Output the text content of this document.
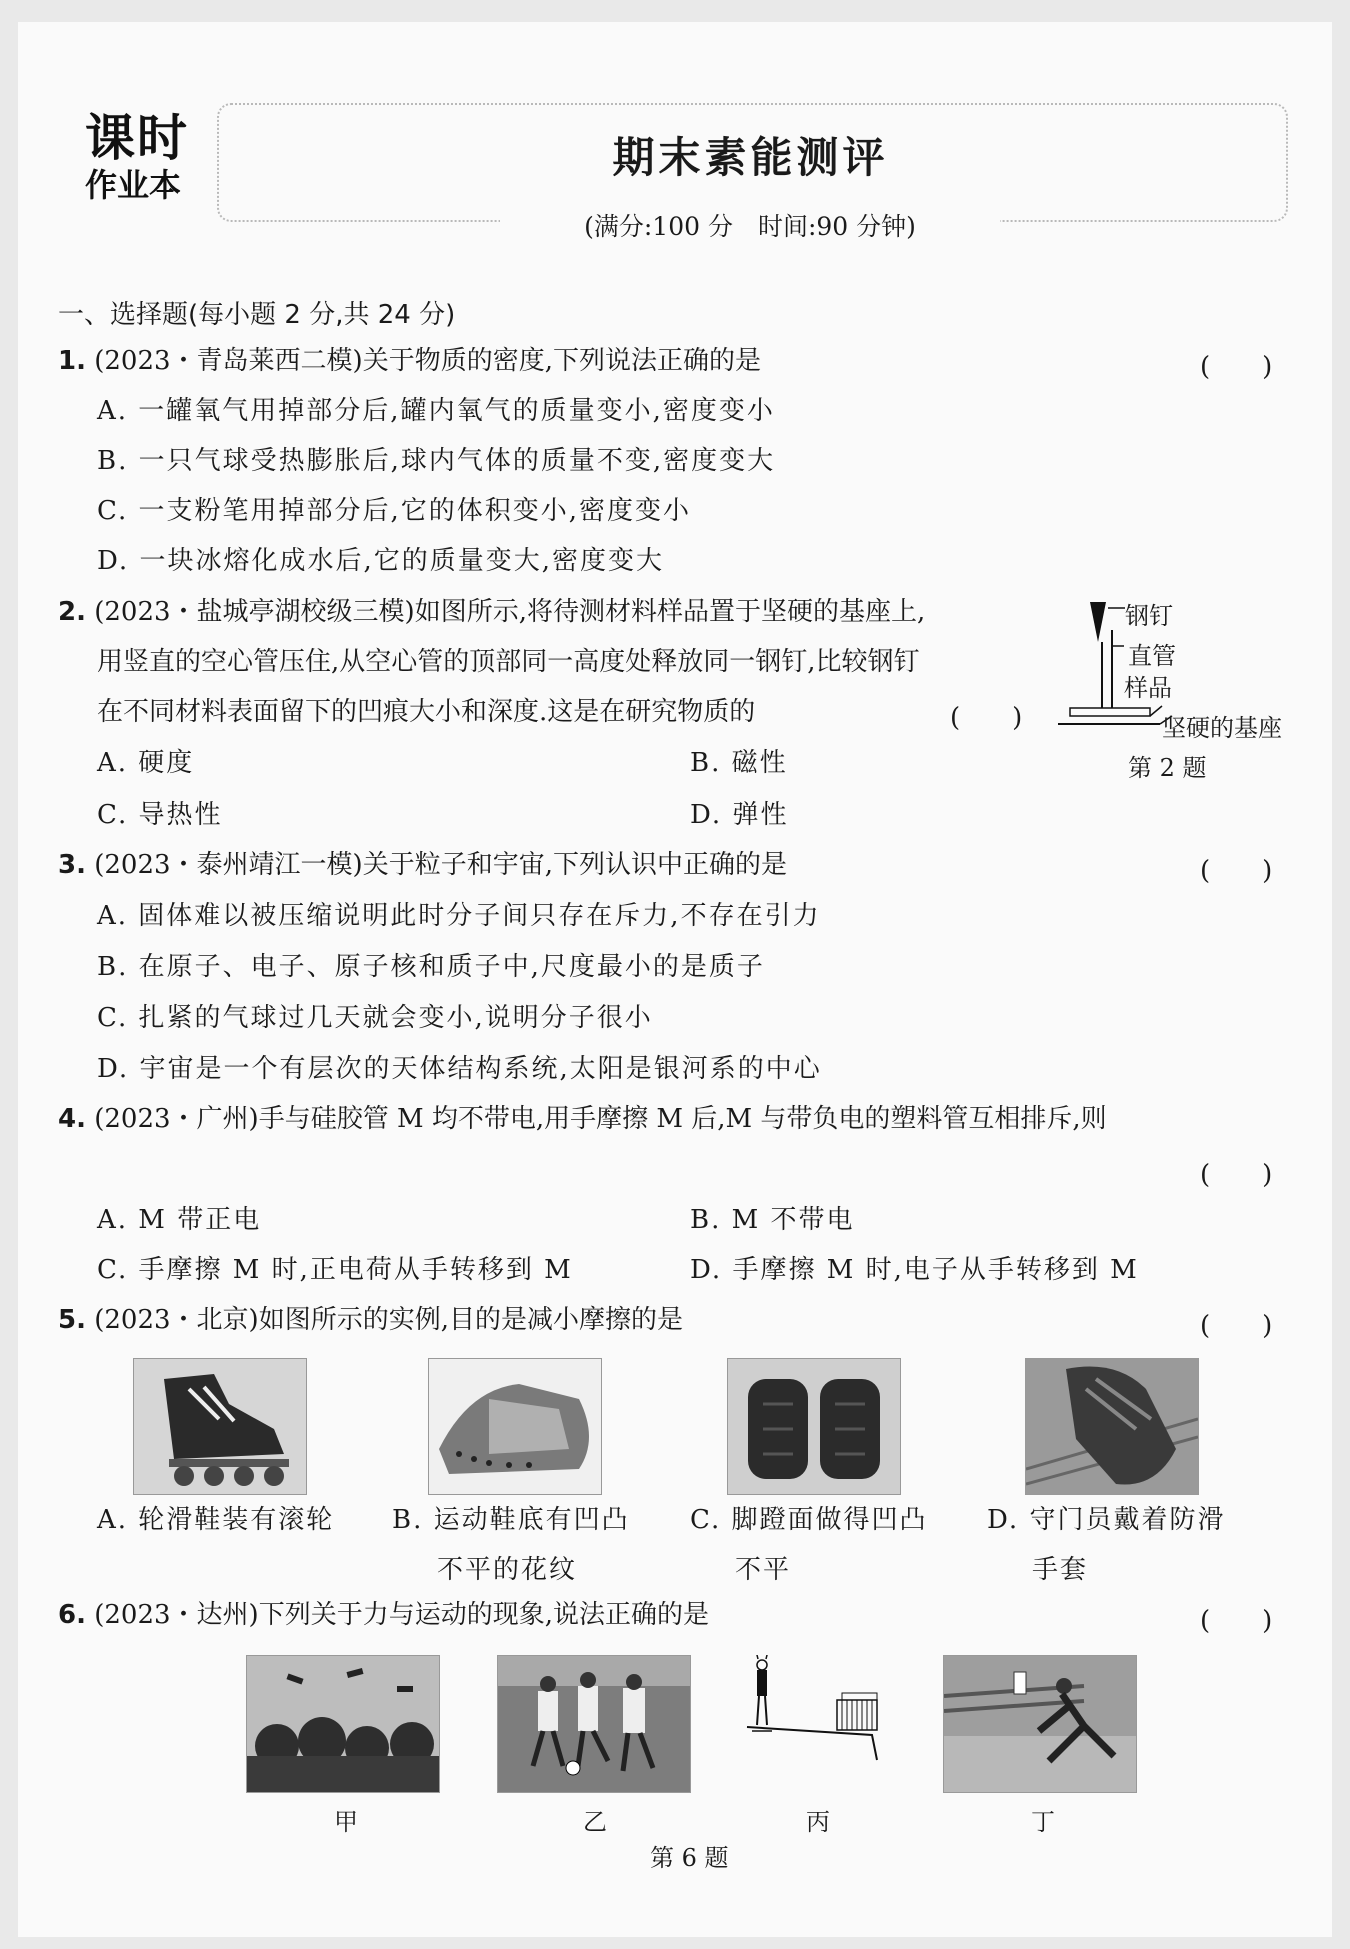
课时
作业本
期末素能测评
(满分:100 分　时间:90 分钟)
一、选择题(每小题 2 分,共 24 分)
1. (2023・青岛莱西二模)关于物质的密度,下列说法正确的是	(　　)
A. 一罐氧气用掉部分后,罐内氧气的质量变小,密度变小
B. 一只气球受热膨胀后,球内气体的质量不变,密度变大
C. 一支粉笔用掉部分后,它的体积变小,密度变小
D. 一块冰熔化成水后,它的质量变大,密度变大
2. (2023・盐城亭湖校级三模)如图所示,将待测材料样品置于坚硬的基座上,
用竖直的空心管压住,从空心管的顶部同一高度处释放同一钢钉,比较钢钉
在不同材料表面留下的凹痕大小和深度.这是在研究物质的	(　　)
A. 硬度	B. 磁性
C. 导热性	D. 弹性
钢钉
直管
样品
坚硬的基座
第 2 题
3. (2023・泰州靖江一模)关于粒子和宇宙,下列认识中正确的是	(　　)
A. 固体难以被压缩说明此时分子间只存在斥力,不存在引力
B. 在原子、电子、原子核和质子中,尺度最小的是质子
C. 扎紧的气球过几天就会变小,说明分子很小
D. 宇宙是一个有层次的天体结构系统,太阳是银河系的中心
4. (2023・广州)手与硅胶管 M 均不带电,用手摩擦 M 后,M 与带负电的塑料管互相排斥,则
(　　)
A. M 带正电	B. M 不带电
C. 手摩擦 M 时,正电荷从手转移到 M	D. 手摩擦 M 时,电子从手转移到 M
5. (2023・北京)如图所示的实例,目的是减小摩擦的是	(　　)
A. 轮滑鞋装有滚轮 B. 运动鞋底有凹凸
不平的花纹
C. 脚蹬面做得凹凸
不平
D. 守门员戴着防滑
手套
6. (2023・达州)下列关于力与运动的现象,说法正确的是	(　　)
甲	乙	丙	丁
第 6 题
